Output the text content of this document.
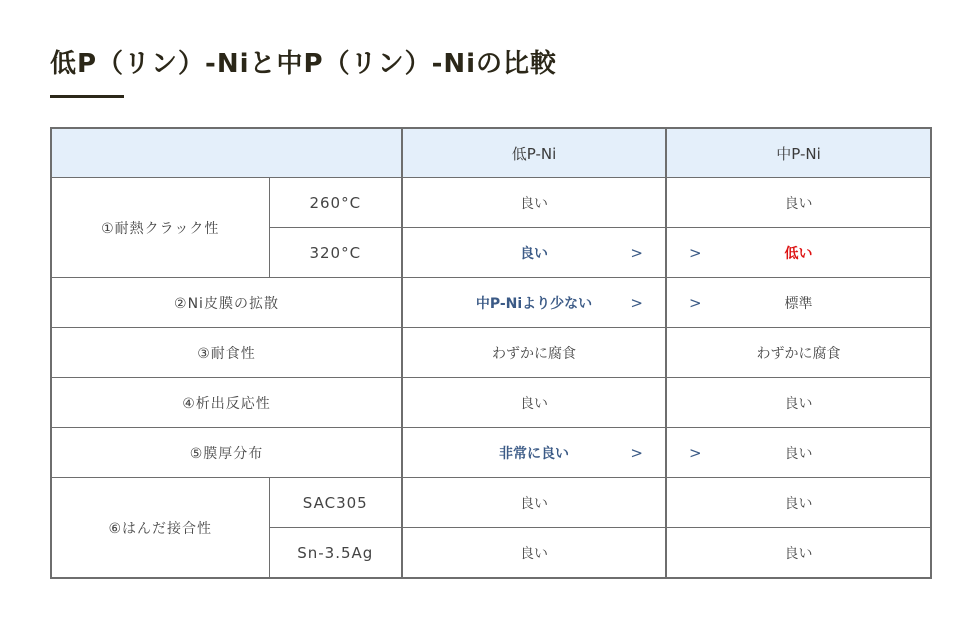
低P（リン）-Niと中P（リン）-Niの比較
		低P-Ni	中P-Ni
①耐熱クラック性	260°C	良い	良い
	320°C	良い >	> 低い
②Ni皮膜の拡散		中P-Niより少ない >	> 標準
③耐食性		わずかに腐食	わずかに腐食
④析出反応性		良い	良い
⑤膜厚分布		非常に良い >	> 良い
⑥はんだ接合性	SAC305	良い	良い
	Sn-3.5Ag	良い	良い
